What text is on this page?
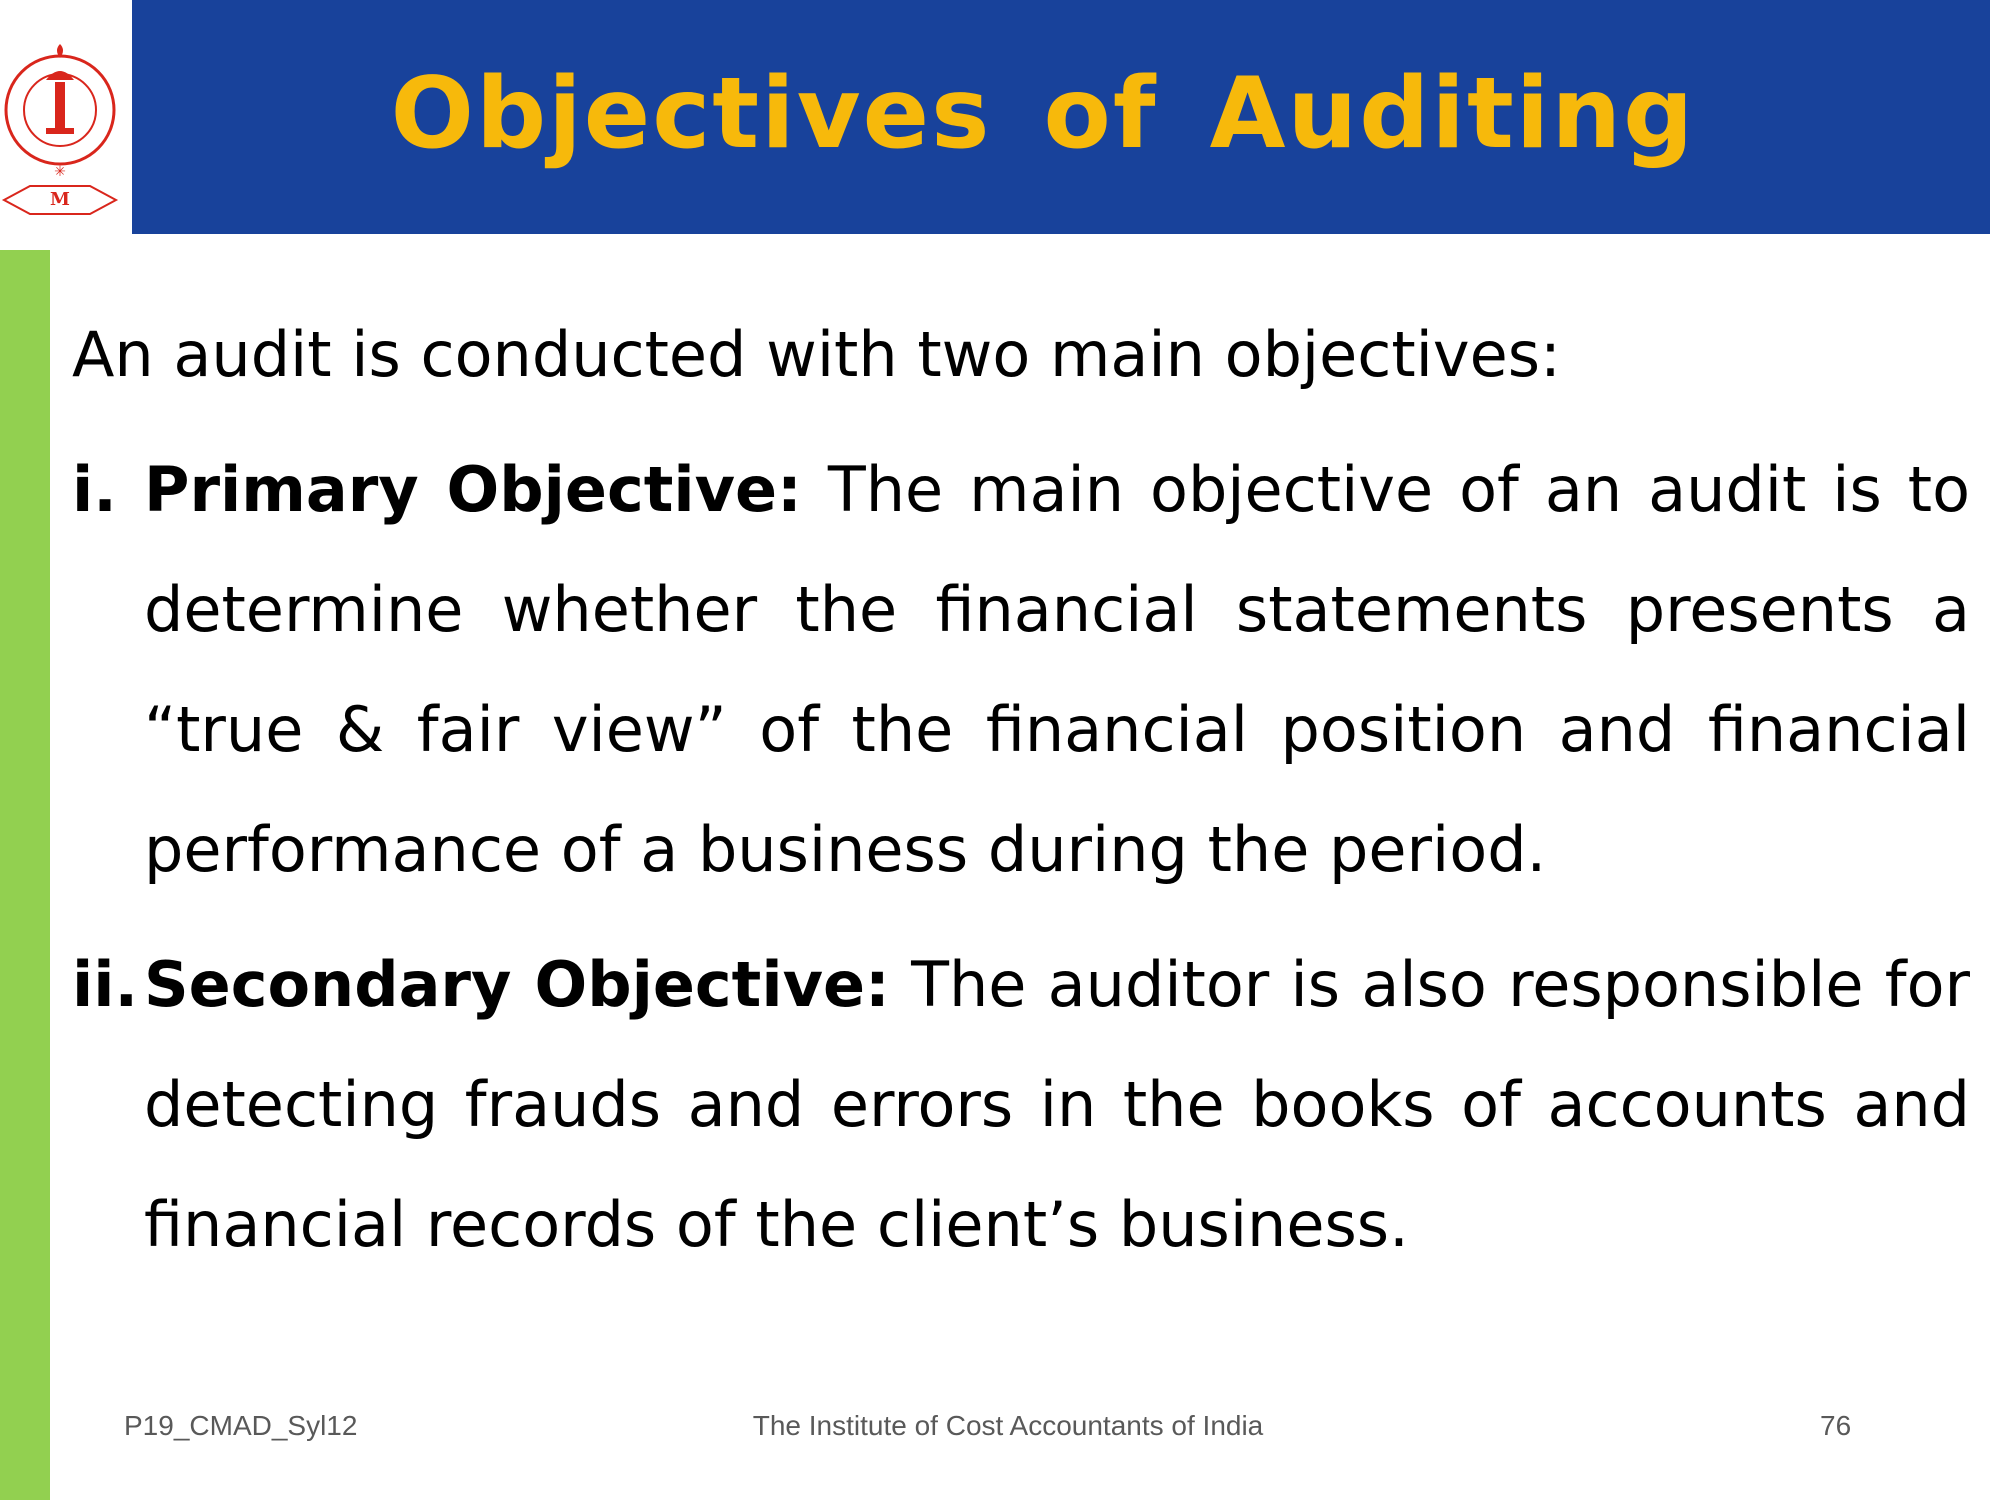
M
✳
Objectives of Auditing
An audit is conducted with two main objectives:
i. Primary Objective: The main objective of an audit is to determine whether the financial statements presents a “true & fair view” of the financial position and financial performance of a business during the period.
ii. Secondary Objective: The auditor is also responsible for detecting frauds and errors in the books of accounts and financial records of the client’s business.
P19_CMAD_Syl12	The Institute of Cost Accountants of India	76
